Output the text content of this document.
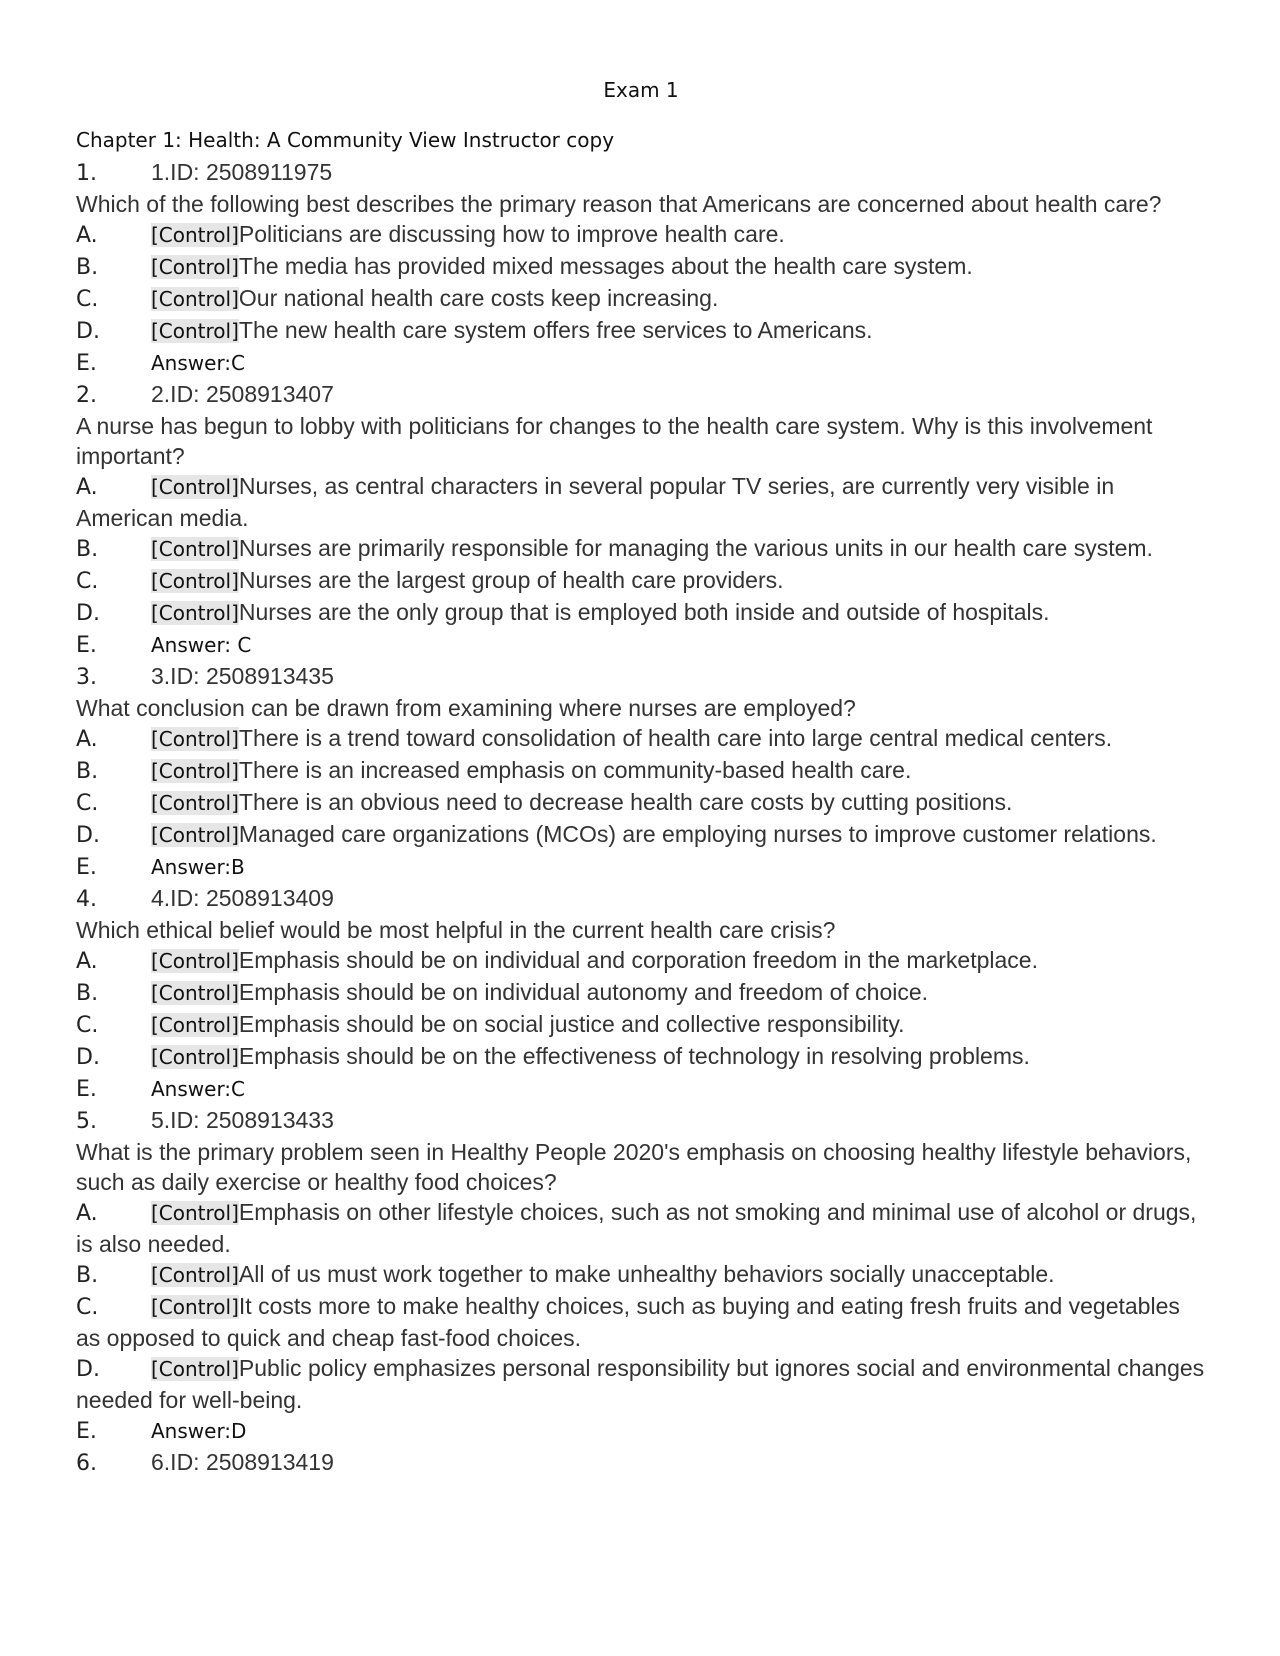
Exam 1
Chapter 1: Health: A Community View Instructor copy
1. 1.ID: 2508911975
Which of the following best describes the primary reason that Americans are concerned about health care?
A.	[Control]Politicians are discussing how to improve health care.
B.	[Control]The media has provided mixed messages about the health care system.
C.	[Control]Our national health care costs keep increasing.
D.	[Control]The new health care system offers free services to Americans.
E.	Answer:C
2. 2.ID: 2508913407
A nurse has begun to lobby with politicians for changes to the health care system. Why is this involvement important?
A.	[Control]Nurses, as central characters in several popular TV series, are currently very visible in American media.
B.	[Control]Nurses are primarily responsible for managing the various units in our health care system.
C.	[Control]Nurses are the largest group of health care providers.
D.	[Control]Nurses are the only group that is employed both inside and outside of hospitals.
E.	Answer: C
3. 3.ID: 2508913435
What conclusion can be drawn from examining where nurses are employed?
A.	[Control]There is a trend toward consolidation of health care into large central medical centers.
B.	[Control]There is an increased emphasis on community-based health care.
C.	[Control]There is an obvious need to decrease health care costs by cutting positions.
D.	[Control]Managed care organizations (MCOs) are employing nurses to improve customer relations.
E.	Answer:B
4. 4.ID: 2508913409
Which ethical belief would be most helpful in the current health care crisis?
A.	[Control]Emphasis should be on individual and corporation freedom in the marketplace.
B.	[Control]Emphasis should be on individual autonomy and freedom of choice.
C.	[Control]Emphasis should be on social justice and collective responsibility.
D.	[Control]Emphasis should be on the effectiveness of technology in resolving problems.
E.	Answer:C
5. 5.ID: 2508913433
What is the primary problem seen in Healthy People 2020's emphasis on choosing healthy lifestyle behaviors, such as daily exercise or healthy food choices?
A.	[Control]Emphasis on other lifestyle choices, such as not smoking and minimal use of alcohol or drugs, is also needed.
B.	[Control]All of us must work together to make unhealthy behaviors socially unacceptable.
C.	[Control]It costs more to make healthy choices, such as buying and eating fresh fruits and vegetables as opposed to quick and cheap fast-food choices.
D.	[Control]Public policy emphasizes personal responsibility but ignores social and environmental changes needed for well-being.
E.	Answer:D
6. 6.ID: 2508913419
